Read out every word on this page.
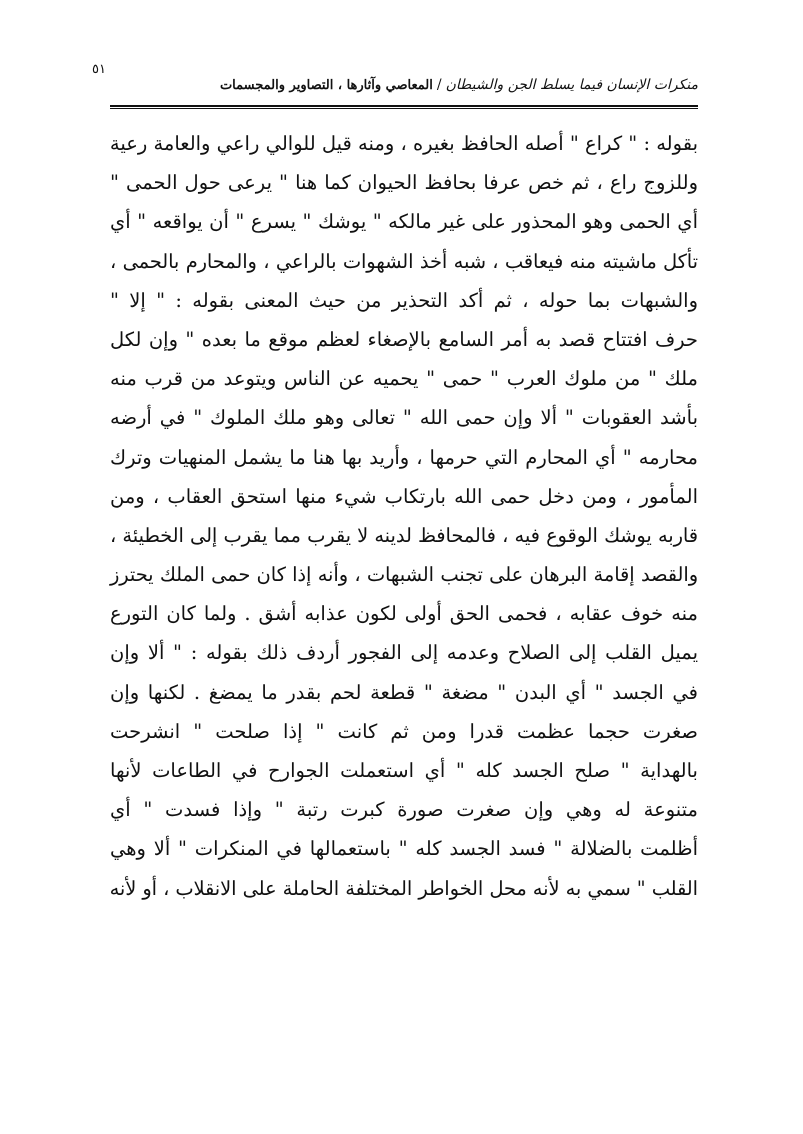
٥١
منكرات الإنسان فيما يسلط الجن والشيطان/المعاصي وآثارها ، التصاوير والمجسمات
بقوله : " كراع " أصله الحافظ بغيره ، ومنه قيل للوالي راعي والعامة رعية
وللزوج راع ، ثم خص عرفا بحافظ الحيوان كما هنا " يرعى حول الحمى "
أي الحمى وهو المحذور على غير مالكه " يوشك " يسرع " أن يواقعه " أي
تأكل ماشيته منه فيعاقب ، شبه أخذ الشهوات بالراعي ، والمحارم بالحمى ،
والشبهات بما حوله ، ثم أكد التحذير من حيث المعنى بقوله : " إلا "
حرف افتتاح قصد به أمر السامع بالإصغاء لعظم موقع ما بعده " وإن لكل
ملك " من ملوك العرب " حمى " يحميه عن الناس ويتوعد من قرب منه
بأشد العقوبات " ألا وإن حمى الله " تعالى وهو ملك الملوك " في أرضه
محارمه " أي المحارم التي حرمها ، وأريد بها هنا ما يشمل المنهيات وترك
المأمور ، ومن دخل حمى الله بارتكاب شيء منها استحق العقاب ، ومن
قاربه يوشك الوقوع فيه ، فالمحافظ لدينه لا يقرب مما يقرب إلى الخطيئة ،
والقصد إقامة البرهان على تجنب الشبهات ، وأنه إذا كان حمى الملك يحترز
منه خوف عقابه ، فحمى الحق أولى لكون عذابه أشق . ولما كان التورع
يميل القلب إلى الصلاح وعدمه إلى الفجور أردف ذلك بقوله : " ألا وإن
في الجسد " أي البدن " مضغة " قطعة لحم بقدر ما يمضغ . لكنها وإن
صغرت حجما عظمت قدرا ومن ثم كانت " إذا صلحت " انشرحت
بالهداية " صلح الجسد كله " أي استعملت الجوارح في الطاعات لأنها
متنوعة له وهي وإن صغرت صورة كبرت رتبة " وإذا فسدت " أي
أظلمت بالضلالة " فسد الجسد كله " باستعمالها في المنكرات " ألا وهي
القلب " سمي به لأنه محل الخواطر المختلفة الحاملة على الانقلاب ، أو لأنه
